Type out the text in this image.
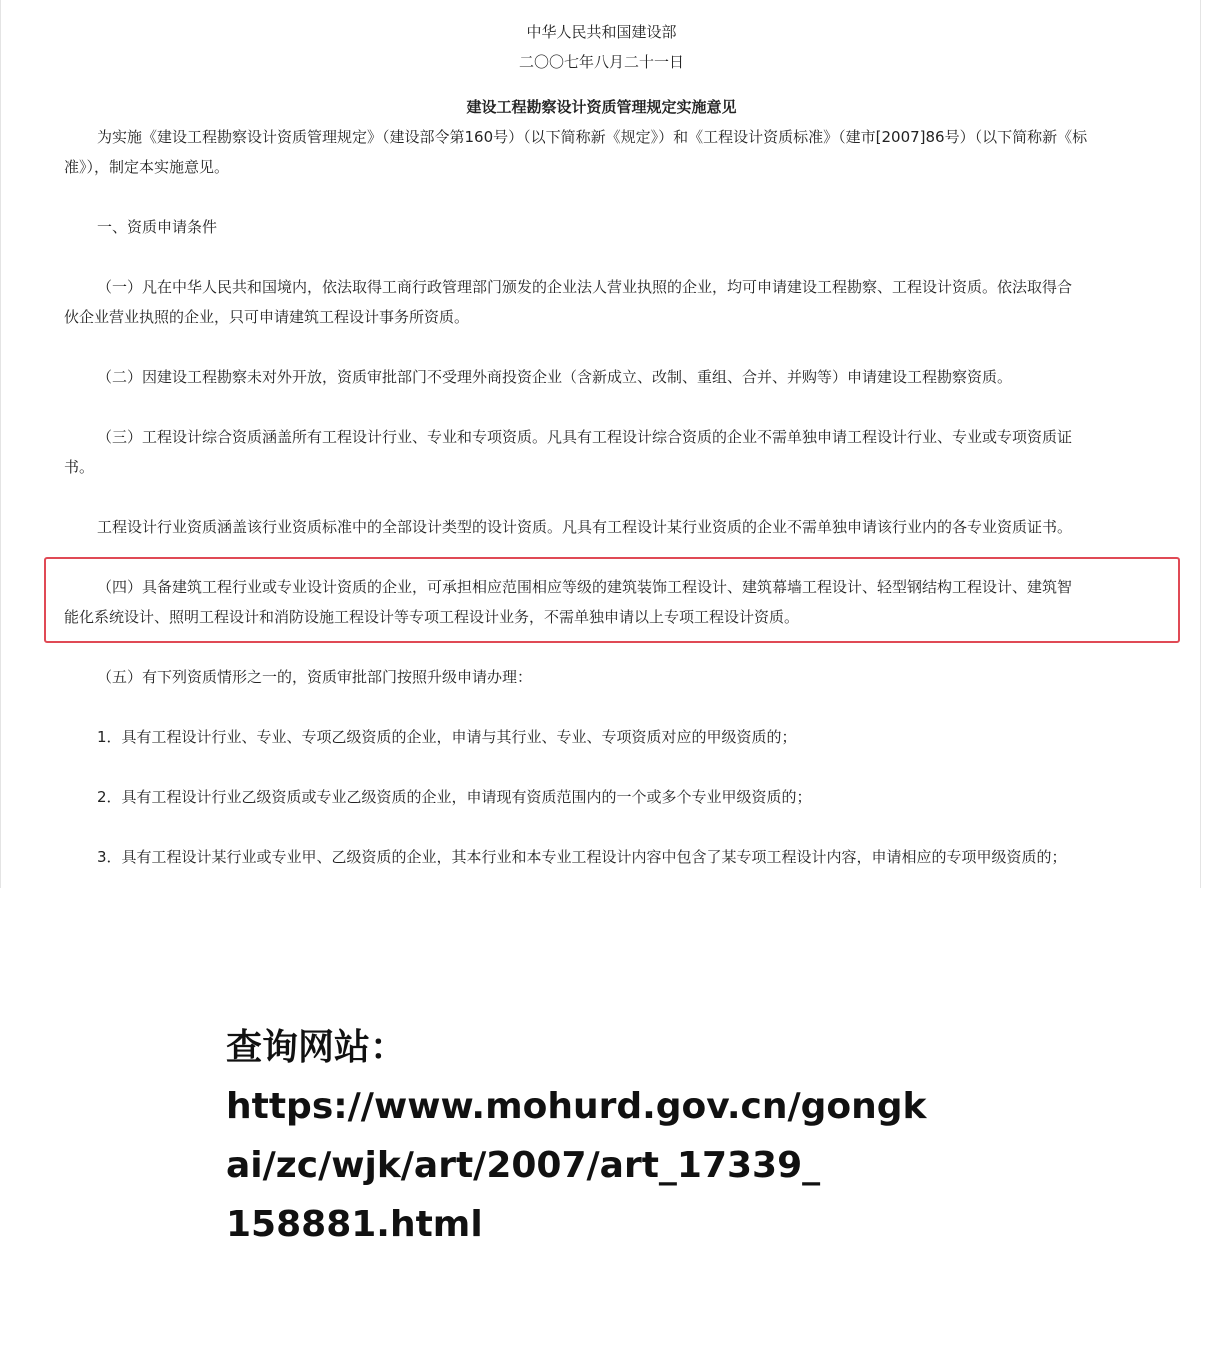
中华人民共和国建设部
二〇〇七年八月二十一日
建设工程勘察设计资质管理规定实施意见
为实施《建设工程勘察设计资质管理规定》（建设部令第160号）（以下简称新《规定》）和《工程设计资质标准》（建市[2007]86号）（以下简称新《标
准》），制定本实施意见。
一、资质申请条件
（一）凡在中华人民共和国境内，依法取得工商行政管理部门颁发的企业法人营业执照的企业，均可申请建设工程勘察、工程设计资质。依法取得合
伙企业营业执照的企业，只可申请建筑工程设计事务所资质。
（二）因建设工程勘察未对外开放，资质审批部门不受理外商投资企业（含新成立、改制、重组、合并、并购等）申请建设工程勘察资质。
（三）工程设计综合资质涵盖所有工程设计行业、专业和专项资质。凡具有工程设计综合资质的企业不需单独申请工程设计行业、专业或专项资质证
书。
工程设计行业资质涵盖该行业资质标准中的全部设计类型的设计资质。凡具有工程设计某行业资质的企业不需单独申请该行业内的各专业资质证书。
（四）具备建筑工程行业或专业设计资质的企业，可承担相应范围相应等级的建筑装饰工程设计、建筑幕墙工程设计、轻型钢结构工程设计、建筑智
能化系统设计、照明工程设计和消防设施工程设计等专项工程设计业务，不需单独申请以上专项工程设计资质。
（五）有下列资质情形之一的，资质审批部门按照升级申请办理：
1．具有工程设计行业、专业、专项乙级资质的企业，申请与其行业、专业、专项资质对应的甲级资质的；
2．具有工程设计行业乙级资质或专业乙级资质的企业，申请现有资质范围内的一个或多个专业甲级资质的；
3．具有工程设计某行业或专业甲、乙级资质的企业，其本行业和本专业工程设计内容中包含了某专项工程设计内容，申请相应的专项甲级资质的；
查询网站：
https://www.mohurd.gov.cn/gongk
ai/zc/wjk/art/2007/art_17339_
158881.html
